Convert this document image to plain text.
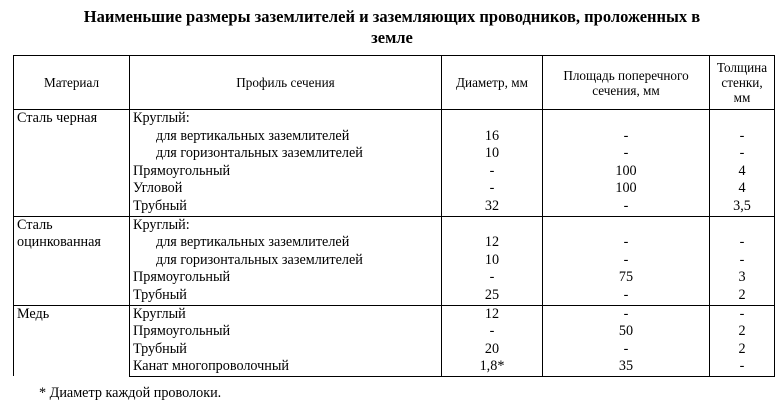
Наименьшие размеры заземлителей и заземляющих проводников, проложенных в
земле
Материал	Профиль сечения	Диаметр, мм	Площадь поперечного сечения, мм	Толщина стенки, мм
Сталь черная	Круглый:			
	для вертикальных заземлителей	16	-	-
	для горизонтальных заземлителей	10	-	-
	Прямоугольный	-	100	4
	Угловой	-	100	4
	Трубный	32	-	3,5
Сталь оцинкованная	Круглый:			
	для вертикальных заземлителей	12	-	-
	для горизонтальных заземлителей	10	-	-
	Прямоугольный	-	75	3
	Трубный	25	-	2
Медь	Круглый	12	-	-
	Прямоугольный	-	50	2
	Трубный	20	-	2
	Канат многопроволочный	1,8*	35	-
* Диаметр каждой проволоки.
